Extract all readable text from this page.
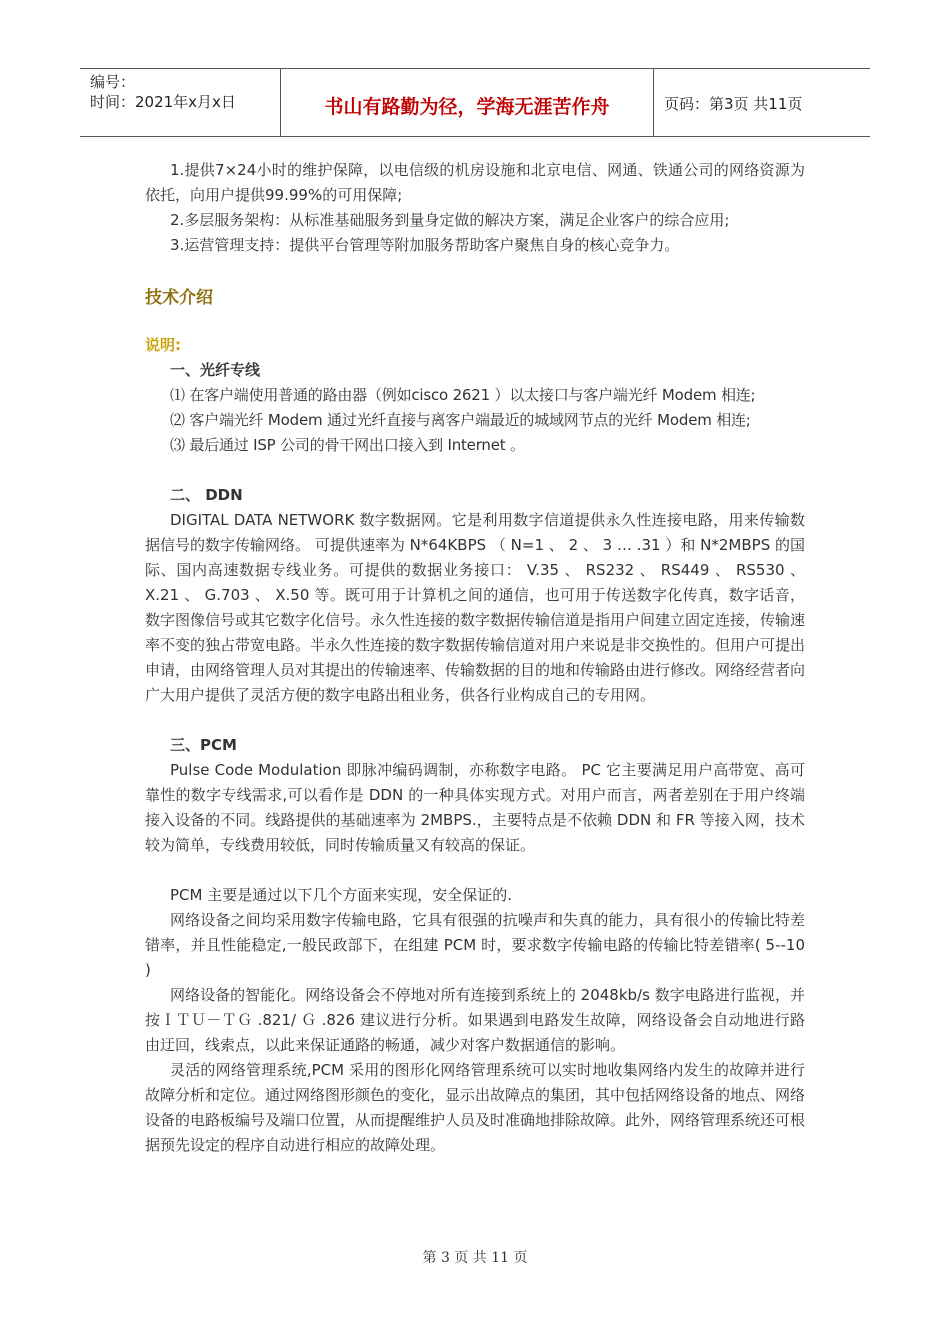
编号：
时间：2021年x月x日	书山有路勤为径，学海无涯苦作舟	页码：第3页 共11页

1.提供7×24小时的维护保障，以电信级的机房设施和北京电信、网通、铁通公司的网络资源为依托，向用户提供99.99%的可用保障;

2.多层服务架构：从标准基础服务到量身定做的解决方案，满足企业客户的综合应用;

3.运营管理支持：提供平台管理等附加服务帮助客户聚焦自身的核心竞争力。

技术介绍
说明:
一、光纤专线

⑴ 在客户端使用普通的路由器（例如cisco 2621 ）以太接口与客户端光纤 Modem 相连;

⑵ 客户端光纤 Modem 通过光纤直接与离客户端最近的城域网节点的光纤 Modem 相连;

⑶ 最后通过 ISP 公司的骨干网出口接入到 Internet 。

二、 DDN

DIGITAL DATA NETWORK 数字数据网。它是利用数字信道提供永久性连接电路，用来传输数据信号的数字传输网络。 可提供速率为 N*64KBPS （ N=1 、 2 、 3 … .31 ）和 N*2MBPS 的国际、国内高速数据专线业务。可提供的数据业务接口： V.35 、 RS232 、 RS449 、 RS530 、 X.21 、 G.703 、 X.50 等。既可用于计算机之间的通信，也可用于传送数字化传真，数字话音，数字图像信号或其它数字化信号。永久性连接的数字数据传输信道是指用户间建立固定连接，传输速率不变的独占带宽电路。半永久性连接的数字数据传输信道对用户来说是非交换性的。但用户可提出申请，由网络管理人员对其提出的传输速率、传输数据的目的地和传输路由进行修改。网络经营者向广大用户提供了灵活方便的数字电路出租业务，供各行业构成自己的专用网。

三、PCM

Pulse Code Modulation 即脉冲编码调制，亦称数字电路。 PC 它主要满足用户高带宽、高可靠性的数字专线需求,可以看作是 DDN 的一种具体实现方式。对用户而言，两者差别在于用户终端接入设备的不同。线路提供的基础速率为 2MBPS.，主要特点是不依赖 DDN 和 FR 等接入网，技术较为简单，专线费用较低，同时传输质量又有较高的保证。

PCM 主要是通过以下几个方面来实现，安全保证的.

网络设备之间均采用数字传输电路，它具有很强的抗噪声和失真的能力，具有很小的传输比特差错率，并且性能稳定,一般民政部下，在组建 PCM 时，要求数字传输电路的传输比特差错率( 5--10 )

网络设备的智能化。网络设备会不停地对所有连接到系统上的 2048kb/s 数字电路进行监视，并按ＩＴＵ－ＴＧ .821/ Ｇ .826 建议进行分析。如果遇到电路发生故障，网络设备会自动地进行路由迂回，线索点，以此来保证通路的畅通，减少对客户数据通信的影响。

灵活的网络管理系统,PCM 采用的图形化网络管理系统可以实时地收集网络内发生的故障并进行故障分析和定位。通过网络图形颜色的变化，显示出故障点的集团，其中包括网络设备的地点、网络设备的电路板编号及端口位置，从而提醒维护人员及时准确地排除故障。此外，网络管理系统还可根据预先设定的程序自动进行相应的故障处理。

第 3 页 共 11 页
